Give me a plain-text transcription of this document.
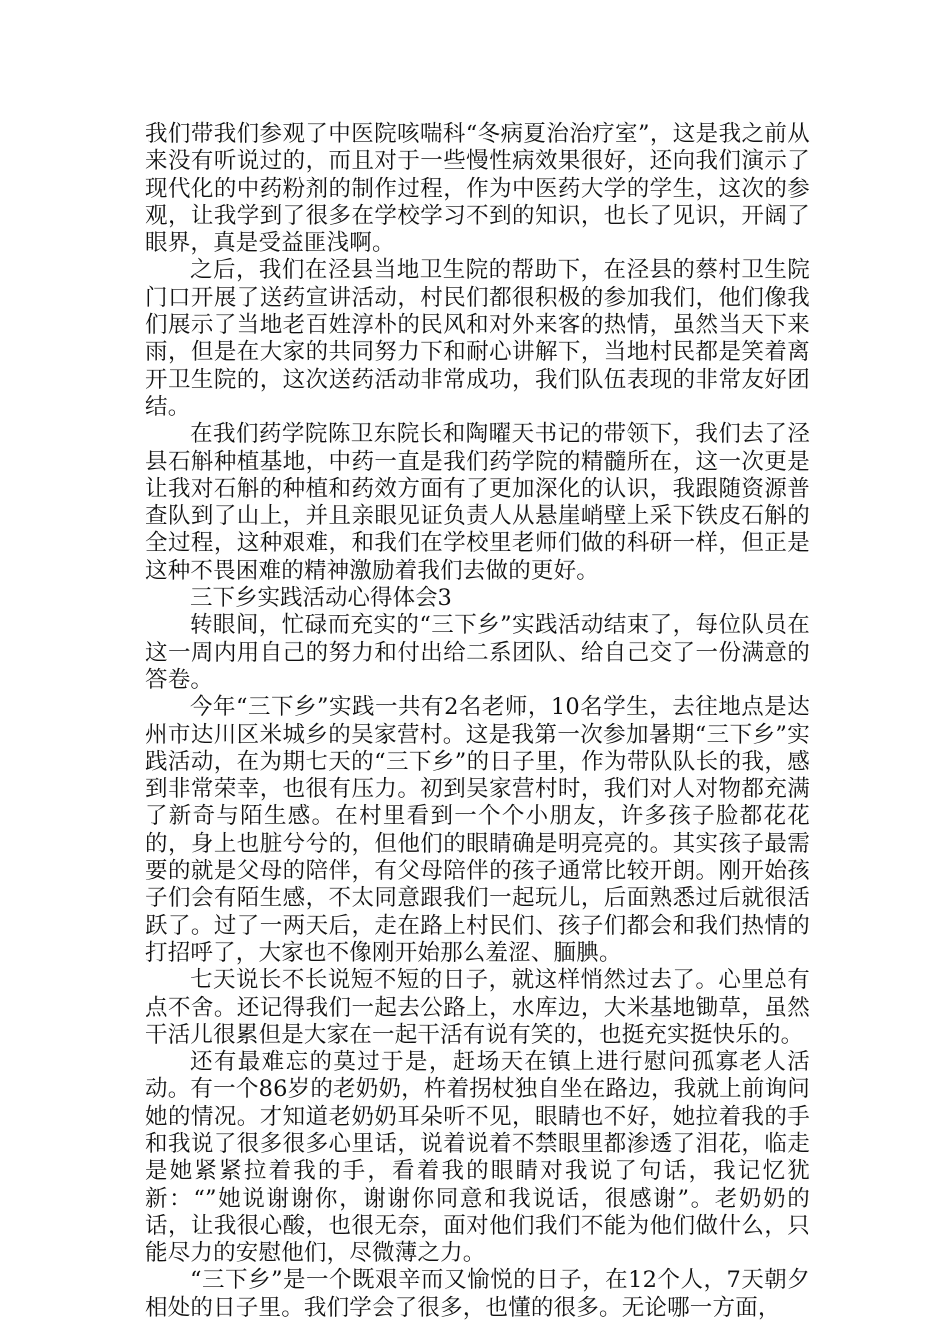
我们带我们参观了中医院咳喘科“冬病夏治治疗室”，这是我之前从来没有听说过的，而且对于一些慢性病效果很好，还向我们演示了现代化的中药粉剂的制作过程，作为中医药大学的学生，这次的参观，让我学到了很多在学校学习不到的知识，也长了见识，开阔了眼界，真是受益匪浅啊。

之后，我们在泾县当地卫生院的帮助下，在泾县的蔡村卫生院门口开展了送药宣讲活动，村民们都很积极的参加我们，他们像我们展示了当地老百姓淳朴的民风和对外来客的热情，虽然当天下来雨，但是在大家的共同努力下和耐心讲解下，当地村民都是笑着离开卫生院的，这次送药活动非常成功，我们队伍表现的非常友好团结。

在我们药学院陈卫东院长和陶曜天书记的带领下，我们去了泾县石斛种植基地，中药一直是我们药学院的精髓所在，这一次更是让我对石斛的种植和药效方面有了更加深化的认识，我跟随资源普查队到了山上，并且亲眼见证负责人从悬崖峭壁上采下铁皮石斛的全过程，这种艰难，和我们在学校里老师们做的科研一样，但正是这种不畏困难的精神激励着我们去做的更好。

三下乡实践活动心得体会3

转眼间，忙碌而充实的“三下乡”实践活动结束了，每位队员在这一周内用自己的努力和付出给二系团队、给自己交了一份满意的答卷。

今年“三下乡”实践一共有2名老师，10名学生，去往地点是达州市达川区米城乡的吴家营村。这是我第一次参加暑期“三下乡”实践活动，在为期七天的“三下乡”的日子里，作为带队队长的我，感到非常荣幸，也很有压力。初到吴家营村时，我们对人对物都充满了新奇与陌生感。在村里看到一个个小朋友，许多孩子脸都花花的，身上也脏兮兮的，但他们的眼睛确是明亮亮的。其实孩子最需要的就是父母的陪伴，有父母陪伴的孩子通常比较开朗。刚开始孩子们会有陌生感，不太同意跟我们一起玩儿，后面熟悉过后就很活跃了。过了一两天后，走在路上村民们、孩子们都会和我们热情的打招呼了，大家也不像刚开始那么羞涩、腼腆。

七天说长不长说短不短的日子，就这样悄然过去了。心里总有点不舍。还记得我们一起去公路上，水库边，大米基地锄草，虽然干活儿很累但是大家在一起干活有说有笑的，也挺充实挺快乐的。

还有最难忘的莫过于是，赶场天在镇上进行慰问孤寡老人活动。有一个86岁的老奶奶，杵着拐杖独自坐在路边，我就上前询问她的情况。才知道老奶奶耳朵听不见，眼睛也不好，她拉着我的手和我说了很多很多心里话，说着说着不禁眼里都渗透了泪花，临走是她紧紧拉着我的手，看着我的眼睛对我说了句话，我记忆犹新：“”她说谢谢你，谢谢你同意和我说话，很感谢”。老奶奶的话，让我很心酸，也很无奈，面对他们我们不能为他们做什么，只能尽力的安慰他们，尽微薄之力。

“三下乡”是一个既艰辛而又愉悦的日子，在12个人，7天朝夕相处的日子里。我们学会了很多，也懂的很多。无论哪一方面，
